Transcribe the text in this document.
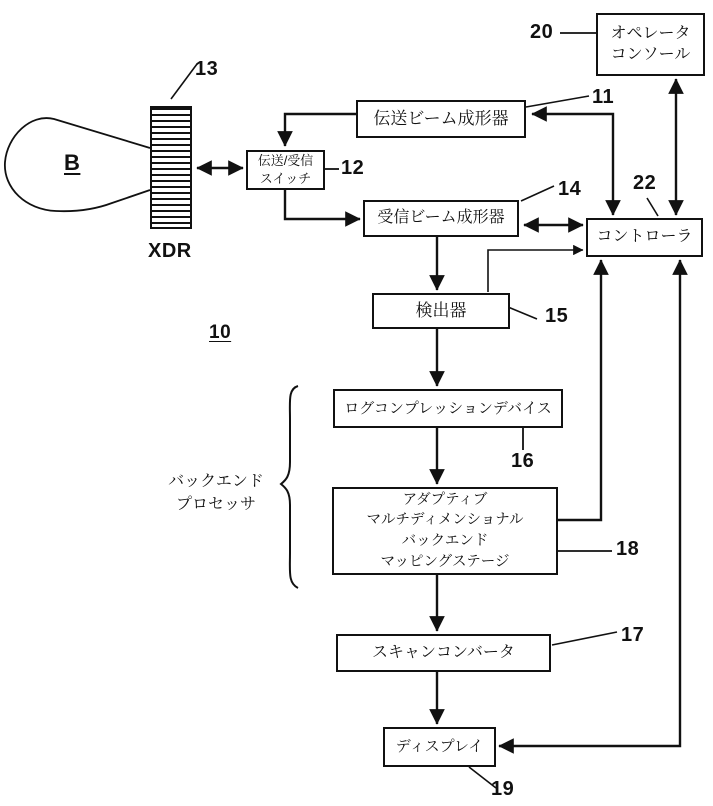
オペレータ
コンソール
伝送ビーム成形器
伝送/受信
スイッチ
受信ビーム成形器
コントローラ
検出器
ログコンプレッションデバイス
アダプティブ
マルチディメンショナル
バックエンド
マッピングステージ
スキャンコンバータ
ディスプレイ
20
11
12
13
14	22
15
16
18
17
19
10
B
XDR
バックエンド
プロセッサ
